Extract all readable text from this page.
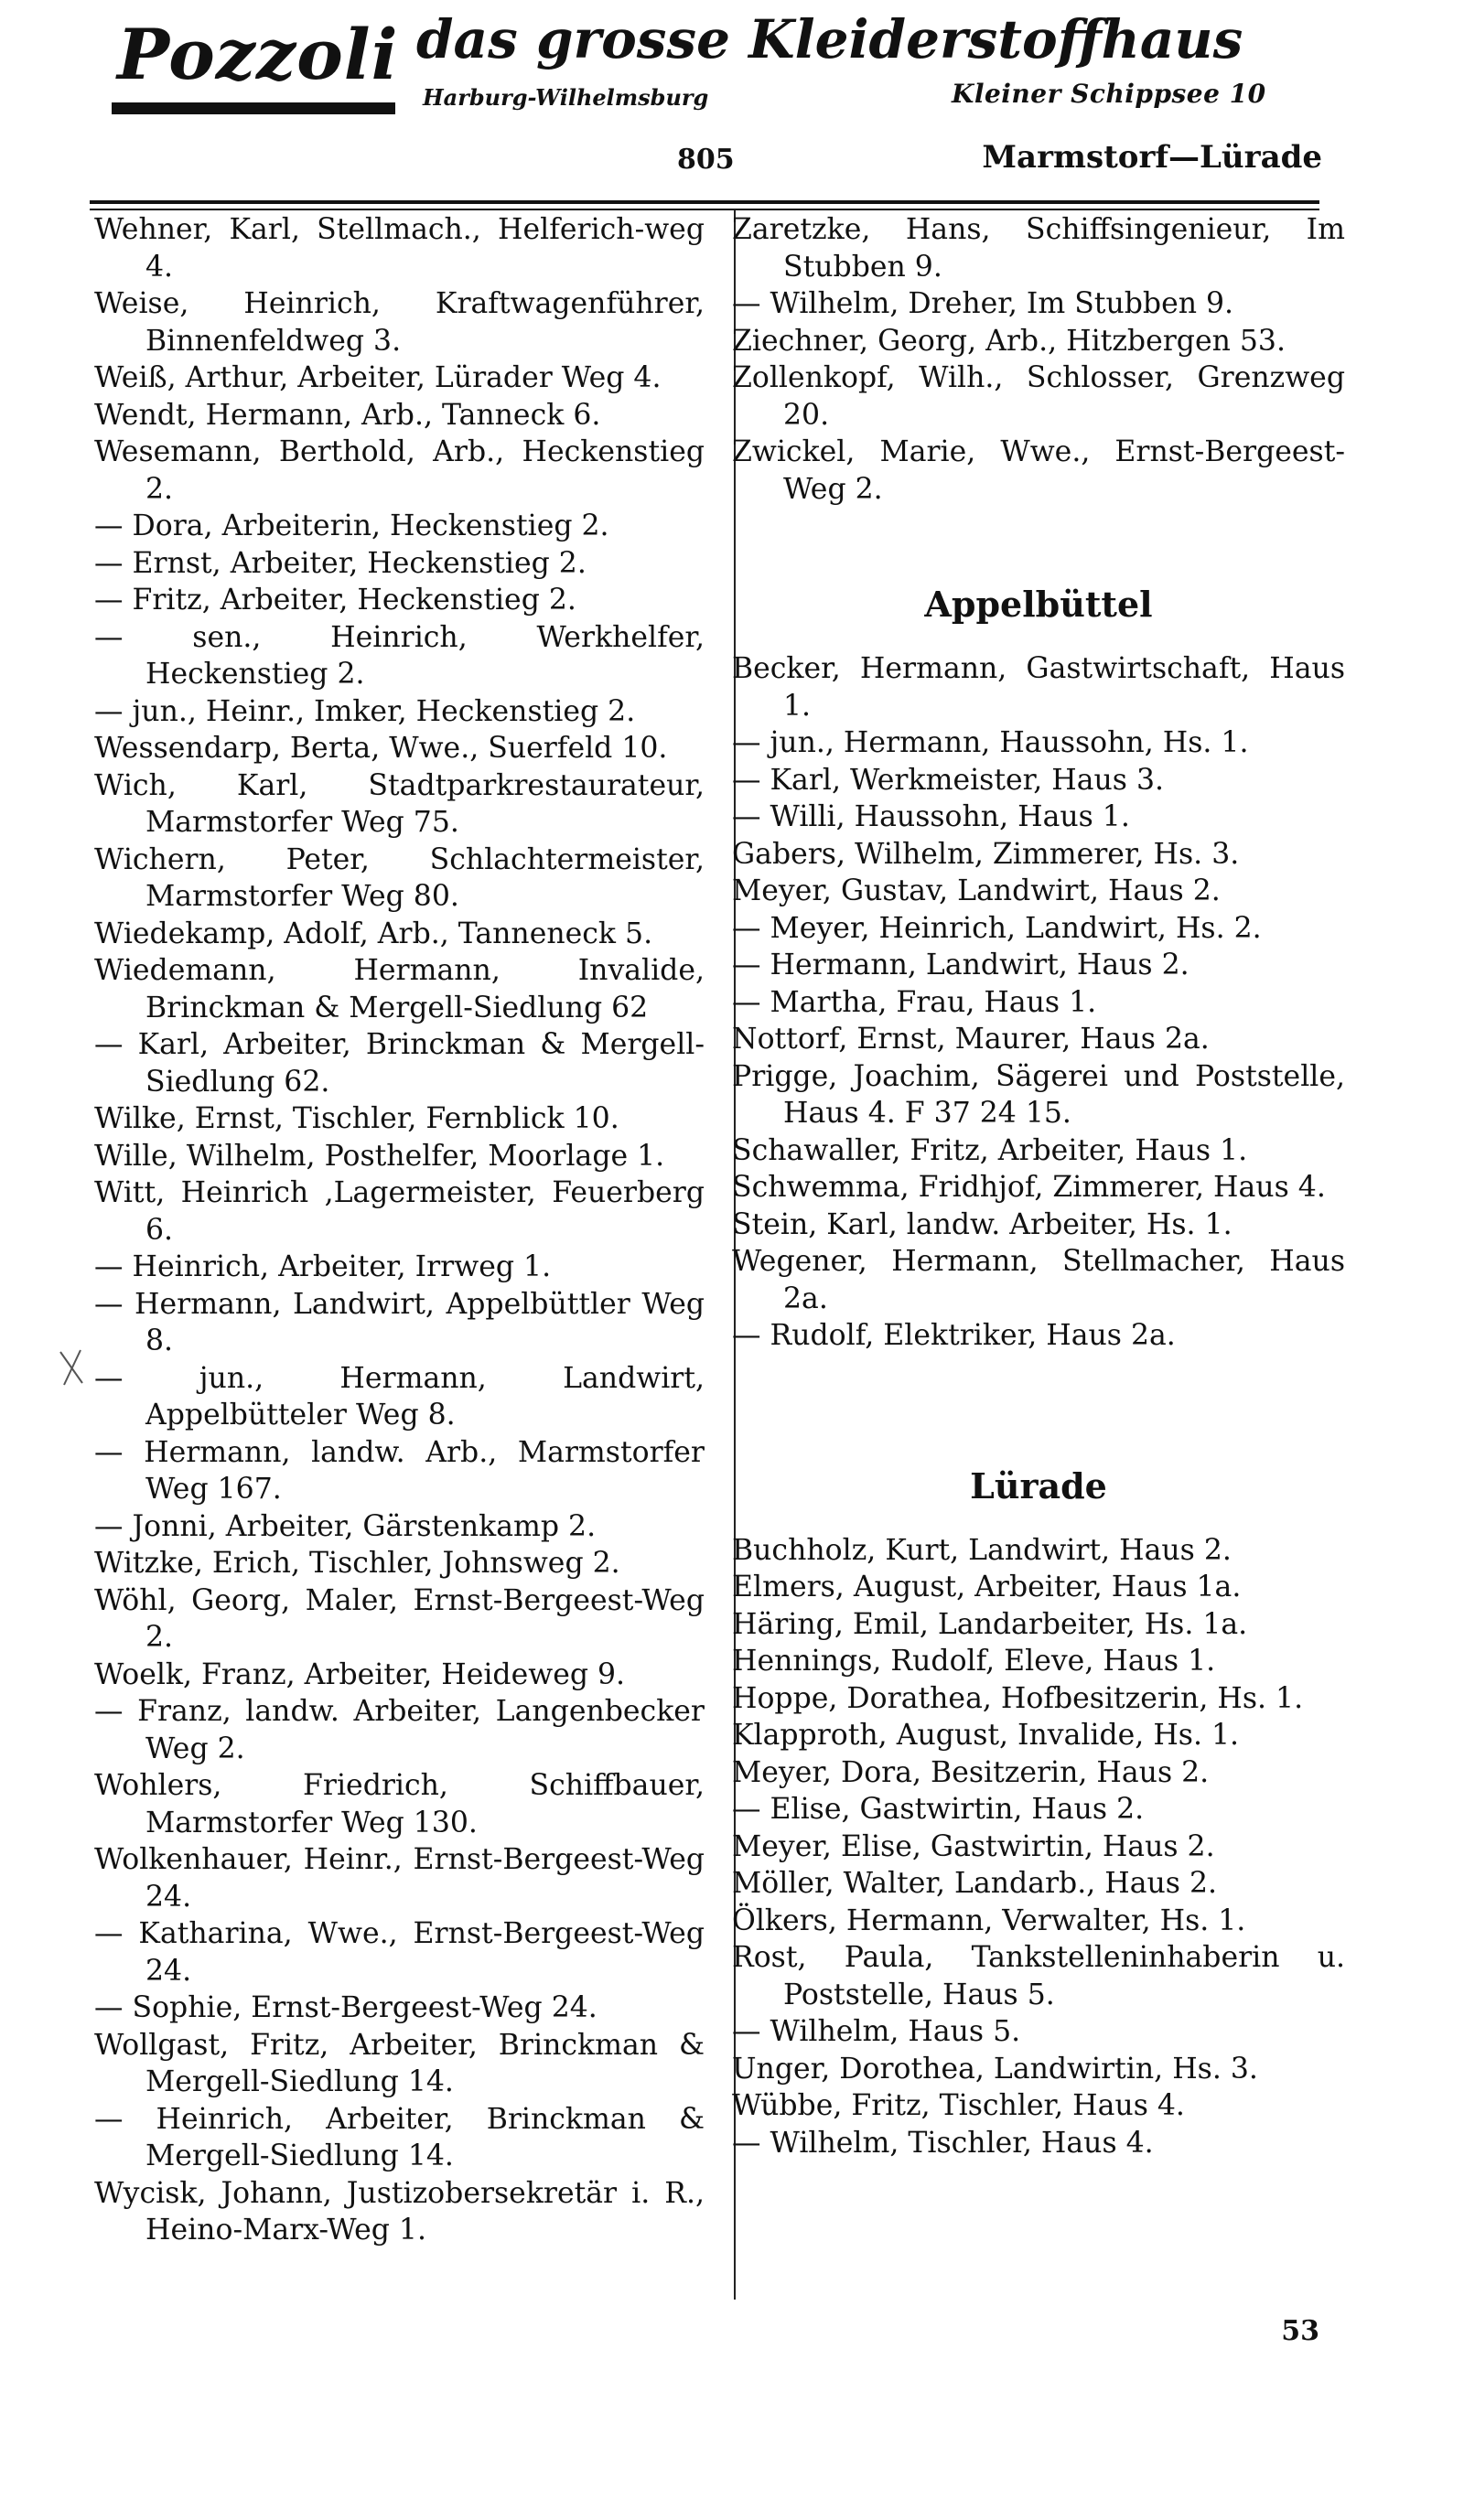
Pozzoli das grosse Kleiderstoffhaus
Harburg-Wilhelmsburg	Kleiner Schippsee 10
805	Marmstorf—Lürade

Wehner, Karl, Stellmach., Helferich-weg 4.

Weise, Heinrich, Kraftwagenführer, Binnenfeldweg 3.

Weiß, Arthur, Arbeiter, Lürader Weg 4.

Wendt, Hermann, Arb., Tanneck 6.

Wesemann, Berthold, Arb., Heckenstieg 2.

— Dora, Arbeiterin, Heckenstieg 2.

— Ernst, Arbeiter, Heckenstieg 2.

— Fritz, Arbeiter, Heckenstieg 2.

— sen., Heinrich, Werkhelfer, Heckenstieg 2.

— jun., Heinr., Imker, Heckenstieg 2.

Wessendarp, Berta, Wwe., Suerfeld 10.

Wich, Karl, Stadtparkrestaurateur, Marmstorfer Weg 75.

Wichern, Peter, Schlachtermeister, Marmstorfer Weg 80.

Wiedekamp, Adolf, Arb., Tanneneck 5.

Wiedemann, Hermann, Invalide, Brinckman & Mergell-Siedlung 62

— Karl, Arbeiter, Brinckman & Mergell-Siedlung 62.

Wilke, Ernst, Tischler, Fernblick 10.

Wille, Wilhelm, Posthelfer, Moorlage 1.

Witt, Heinrich ,Lagermeister, Feuerberg 6.

— Heinrich, Arbeiter, Irrweg 1.

— Hermann, Landwirt, Appelbüttler Weg 8.

— jun., Hermann, Landwirt, Appelbütteler Weg 8.

— Hermann, landw. Arb., Marmstorfer Weg 167.

— Jonni, Arbeiter, Gärstenkamp 2.

Witzke, Erich, Tischler, Johnsweg 2.

Wöhl, Georg, Maler, Ernst-Bergeest-Weg 2.

Woelk, Franz, Arbeiter, Heideweg 9.

— Franz, landw. Arbeiter, Langenbecker Weg 2.

Wohlers, Friedrich, Schiffbauer, Marmstorfer Weg 130.

Wolkenhauer, Heinr., Ernst-Bergeest-Weg 24.

— Katharina, Wwe., Ernst-Bergeest-Weg 24.

— Sophie, Ernst-Bergeest-Weg 24.

Wollgast, Fritz, Arbeiter, Brinckman & Mergell-Siedlung 14.

— Heinrich, Arbeiter, Brinckman & Mergell-Siedlung 14.

Wycisk, Johann, Justizobersekretär i. R., Heino-Marx-Weg 1.

Zaretzke, Hans, Schiffsingenieur, Im Stubben 9.

— Wilhelm, Dreher, Im Stubben 9.

Ziechner, Georg, Arb., Hitzbergen 53.

Zollenkopf, Wilh., Schlosser, Grenzweg 20.

Zwickel, Marie, Wwe., Ernst-Bergeest-Weg 2.

Appelbüttel

Becker, Hermann, Gastwirtschaft, Haus 1.

— jun., Hermann, Haussohn, Hs. 1.

— Karl, Werkmeister, Haus 3.

— Willi, Haussohn, Haus 1.

Gabers, Wilhelm, Zimmerer, Hs. 3.

Meyer, Gustav, Landwirt, Haus 2.

— Meyer, Heinrich, Landwirt, Hs. 2.

— Hermann, Landwirt, Haus 2.

— Martha, Frau, Haus 1.

Nottorf, Ernst, Maurer, Haus 2a.

Prigge, Joachim, Sägerei und Poststelle, Haus 4. F 37 24 15.

Schawaller, Fritz, Arbeiter, Haus 1.

Schwemma, Fridhjof, Zimmerer, Haus 4.

Stein, Karl, landw. Arbeiter, Hs. 1.

Wegener, Hermann, Stellmacher, Haus 2a.

— Rudolf, Elektriker, Haus 2a.

Lürade

Buchholz, Kurt, Landwirt, Haus 2.

Elmers, August, Arbeiter, Haus 1a.

Häring, Emil, Landarbeiter, Hs. 1a.

Hennings, Rudolf, Eleve, Haus 1.

Hoppe, Dorathea, Hofbesitzerin, Hs. 1.

Klapproth, August, Invalide, Hs. 1.

Meyer, Dora, Besitzerin, Haus 2.

— Elise, Gastwirtin, Haus 2.

Meyer, Elise, Gastwirtin, Haus 2.

Möller, Walter, Landarb., Haus 2.

Ölkers, Hermann, Verwalter, Hs. 1.

Rost, Paula, Tankstelleninhaberin u. Poststelle, Haus 5.

— Wilhelm, Haus 5.

Unger, Dorothea, Landwirtin, Hs. 3.

Wübbe, Fritz, Tischler, Haus 4.

— Wilhelm, Tischler, Haus 4.

53
